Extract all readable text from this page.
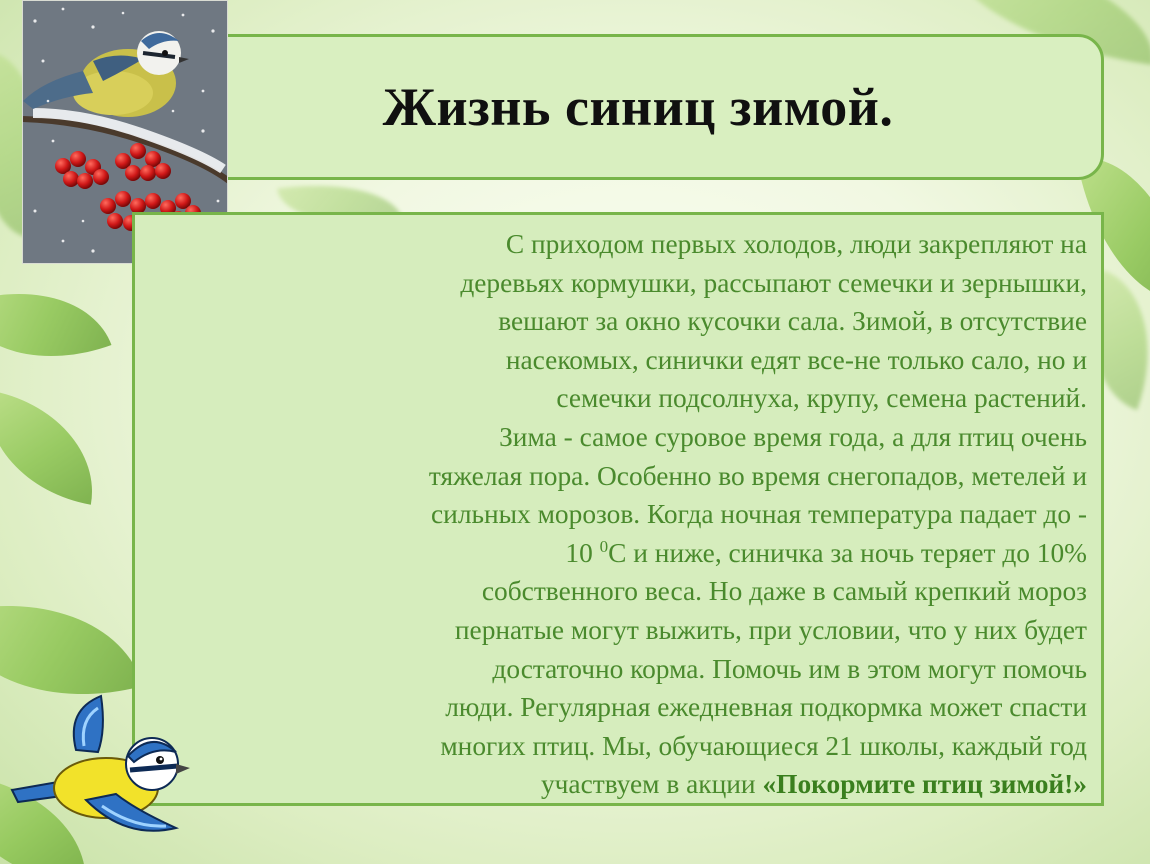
Жизнь синиц зимой.

С приходом первых холодов, люди закрепляют на
деревьях кормушки, рассыпают семечки и зернышки,
вешают за окно кусочки сала. Зимой, в отсутствие
насекомых, синички едят все-не только сало, но и
семечки подсолнуха, крупу, семена растений.
Зима - самое суровое время года, а для птиц очень
тяжелая пора. Особенно во время снегопадов, метелей и
сильных морозов. Когда ночная температура падает до -
10 $^0$С и ниже, синичка за ночь теряет до 10%
собственного веса. Но даже в самый крепкий мороз
пернатые могут выжить, при условии, что у них будет
достаточно корма. Помочь им в этом могут помочь
люди. Регулярная ежедневная подкормка может спасти
многих птиц. Мы, обучающиеся 21 школы, каждый год
участвуем в акции «Покормите птиц зимой!»
